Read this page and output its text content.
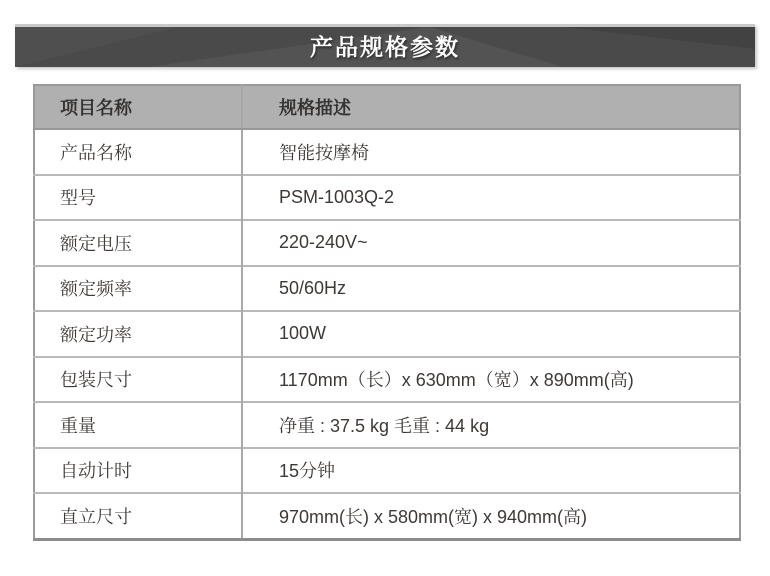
产品规格参数
项目名称	规格描述
产品名称	智能按摩椅
型号	PSM-1003Q-2
额定电压	220-240V~
额定频率	50/60Hz
额定功率	100W
包装尺寸	1170mm（长）x 630mm（宽）x 890mm(高)
重量	净重 : 37.5 kg 毛重 : 44 kg
自动计时	15分钟
直立尺寸	970mm(长) x 580mm(宽) x 940mm(高)
